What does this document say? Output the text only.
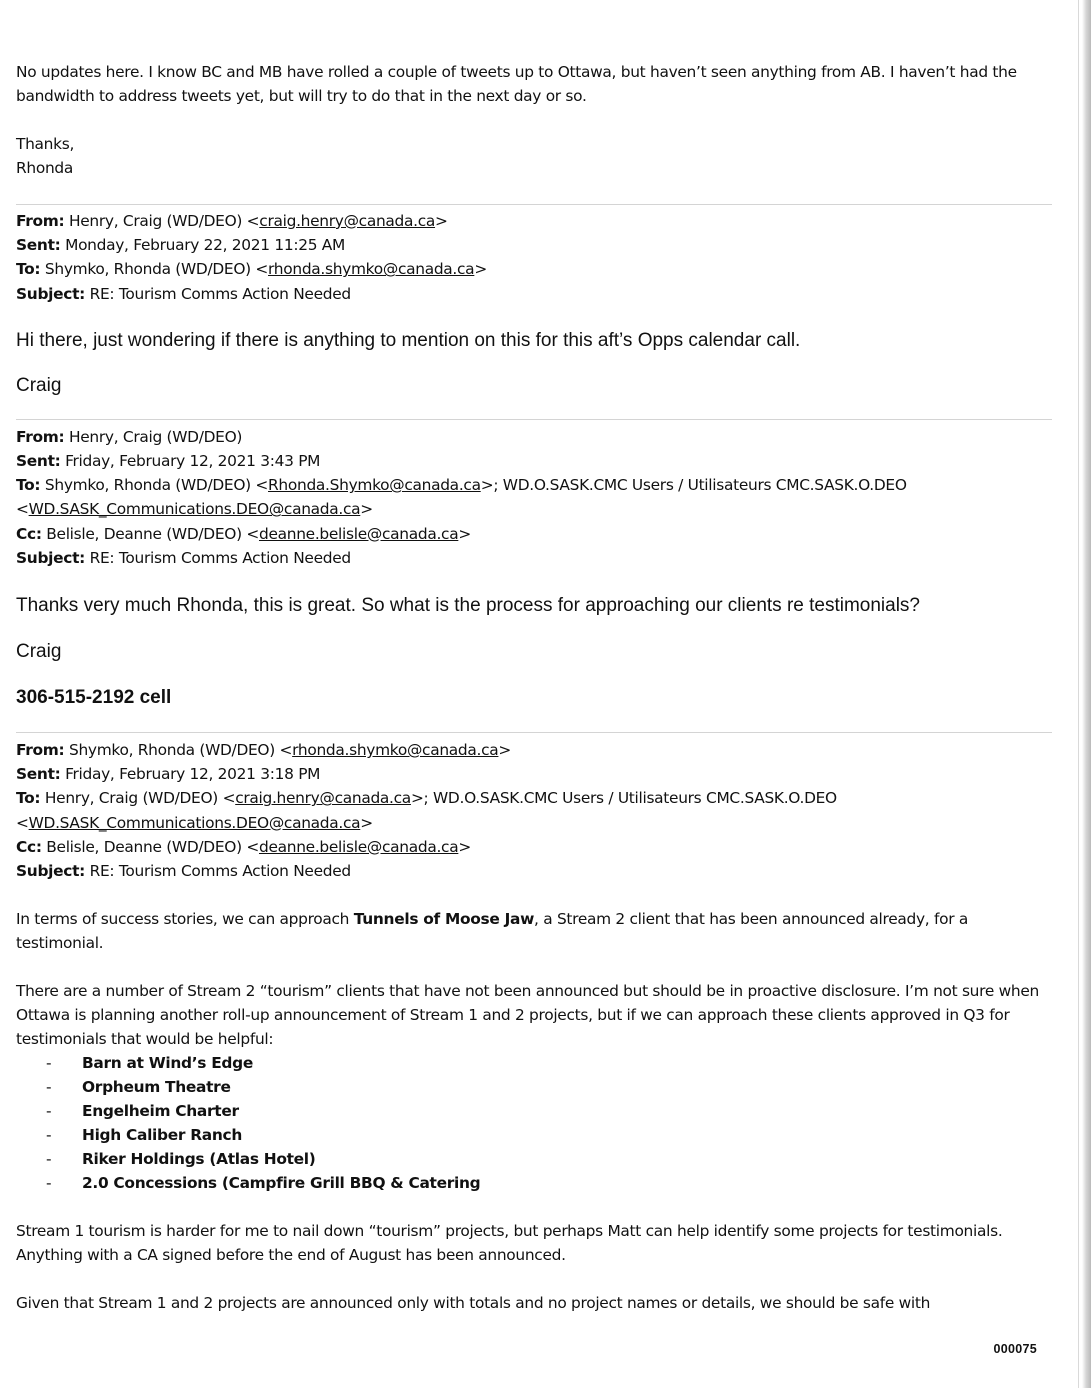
No updates here. I know BC and MB have rolled a couple of tweets up to Ottawa, but haven’t seen anything from AB. I haven’t had the bandwidth to address tweets yet, but will try to do that in the next day or so.

Thanks,

Rhonda

From: Henry, Craig (WD/DEO) <craig.henry@canada.ca>
Sent: Monday, February 22, 2021 11:25 AM
To: Shymko, Rhonda (WD/DEO) <rhonda.shymko@canada.ca>
Subject: RE: Tourism Comms Action Needed

Hi there, just wondering if there is anything to mention on this for this aft’s Opps calendar call.

Craig

From: Henry, Craig (WD/DEO)
Sent: Friday, February 12, 2021 3:43 PM
To: Shymko, Rhonda (WD/DEO) <Rhonda.Shymko@canada.ca>; WD.O.SASK.CMC Users / Utilisateurs CMC.SASK.O.DEO
<WD.SASK_Communications.DEO@canada.ca>
Cc: Belisle, Deanne (WD/DEO) <deanne.belisle@canada.ca>
Subject: RE: Tourism Comms Action Needed

Thanks very much Rhonda, this is great. So what is the process for approaching our clients re testimonials?

Craig

306-515-2192 cell

From: Shymko, Rhonda (WD/DEO) <rhonda.shymko@canada.ca>
Sent: Friday, February 12, 2021 3:18 PM
To: Henry, Craig (WD/DEO) <craig.henry@canada.ca>; WD.O.SASK.CMC Users / Utilisateurs CMC.SASK.O.DEO
<WD.SASK_Communications.DEO@canada.ca>
Cc: Belisle, Deanne (WD/DEO) <deanne.belisle@canada.ca>
Subject: RE: Tourism Comms Action Needed

In terms of success stories, we can approach Tunnels of Moose Jaw, a Stream 2 client that has been announced already, for a testimonial.

There are a number of Stream 2 “tourism” clients that have not been announced but should be in proactive disclosure. I’m not sure when Ottawa is planning another roll-up announcement of Stream 1 and 2 projects, but if we can approach these clients approved in Q3 for testimonials that would be helpful:

- Barn at Wind’s Edge
- Orpheum Theatre
- Engelheim Charter
- High Caliber Ranch
- Riker Holdings (Atlas Hotel)
- 2.0 Concessions (Campfire Grill BBQ & Catering

Stream 1 tourism is harder for me to nail down “tourism” projects, but perhaps Matt can help identify some projects for testimonials. Anything with a CA signed before the end of August has been announced.

Given that Stream 1 and 2 projects are announced only with totals and no project names or details, we should be safe with

000075
